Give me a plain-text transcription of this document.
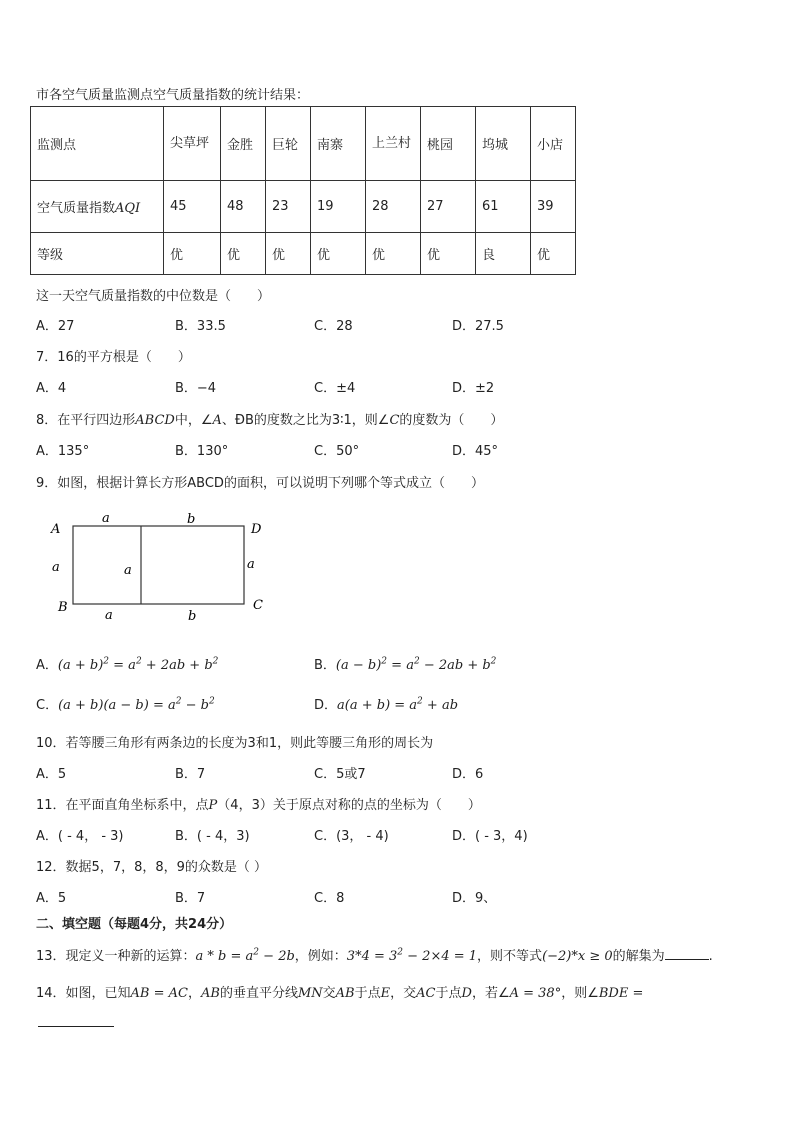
市各空气质量监测点空气质量指数的统计结果：
监测点	尖草坪	金胜	巨轮	南寨	上兰村	桃园	坞城	小店
空气质量指数AQI	45	48	23	19	28	27	61	39
等级	优	优	优	优	优	优	良	优
这一天空气质量指数的中位数是（　　）
A．27	B．33.5	C．28	D．27.5
7．16的平方根是（　　）
A．4	B．−4	C．±4	D．±2
8．在平行四边形ABCD中，∠A、ÐB的度数之比为3∶1，则∠C的度数为（　　）
A．135°	B．130°	C．50°	D．45°
9．如图，根据计算长方形ABCD的面积，可以说明下列哪个等式成立（　　）
A	D
B	C
a	b
a	a	a
a	b
A．$(a + b)^2 = a^2 + 2ab + b^2$	B．$(a - b)^2 = a^2 - 2ab + b^2$
C．$(a + b)(a - b) = a^2 - b^2$	D．$a(a + b) = a^2$ + ab
10．若等腰三角形有两条边的长度为3和1，则此等腰三角形的周长为
A．5	B．7	C．5或7	D．6
11．在平面直角坐标系中，点P（4，3）关于原点对称的点的坐标为（　　）
A．( - 4， - 3)	B．( - 4，3)	C．(3， - 4)	D．( - 3，4)
12．数据5，7，8，8，9的众数是（ ）
A．5	B．7	C．8	D．9、
二、填空题（每题4分，共24分）
13．现定义一种新的运算：$a * b = a^2 - 2b$，例如：$3*4 = 3^2 - 2\times 4 = 1$，则不等式(−2)*x ≥ 0的解集为	.
14．如图，已知AB = AC，AB的垂直平分线MN交AB于点E，交AC于点D，若∠A = 38°，则∠BDE =
